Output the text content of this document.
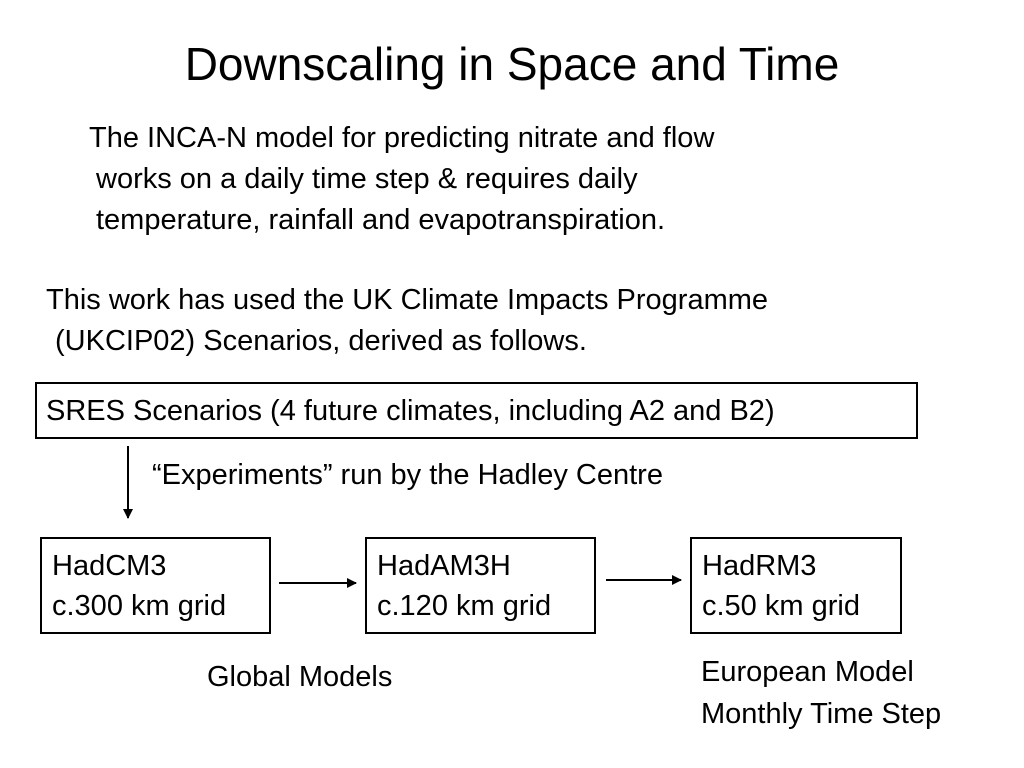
Downscaling in Space and Time
The INCA-N model for predicting nitrate and flow
works on a daily time step & requires daily
temperature, rainfall and evapotranspiration.
This work has used the UK Climate Impacts Programme
(UKCIP02) Scenarios, derived as follows.
SRES Scenarios (4 future climates, including A2 and B2)
“Experiments” run by the Hadley Centre
HadCM3
c.300 km grid
HadAM3H
c.120 km grid
HadRM3
c.50 km grid
Global Models	European Model
Monthly Time Step
